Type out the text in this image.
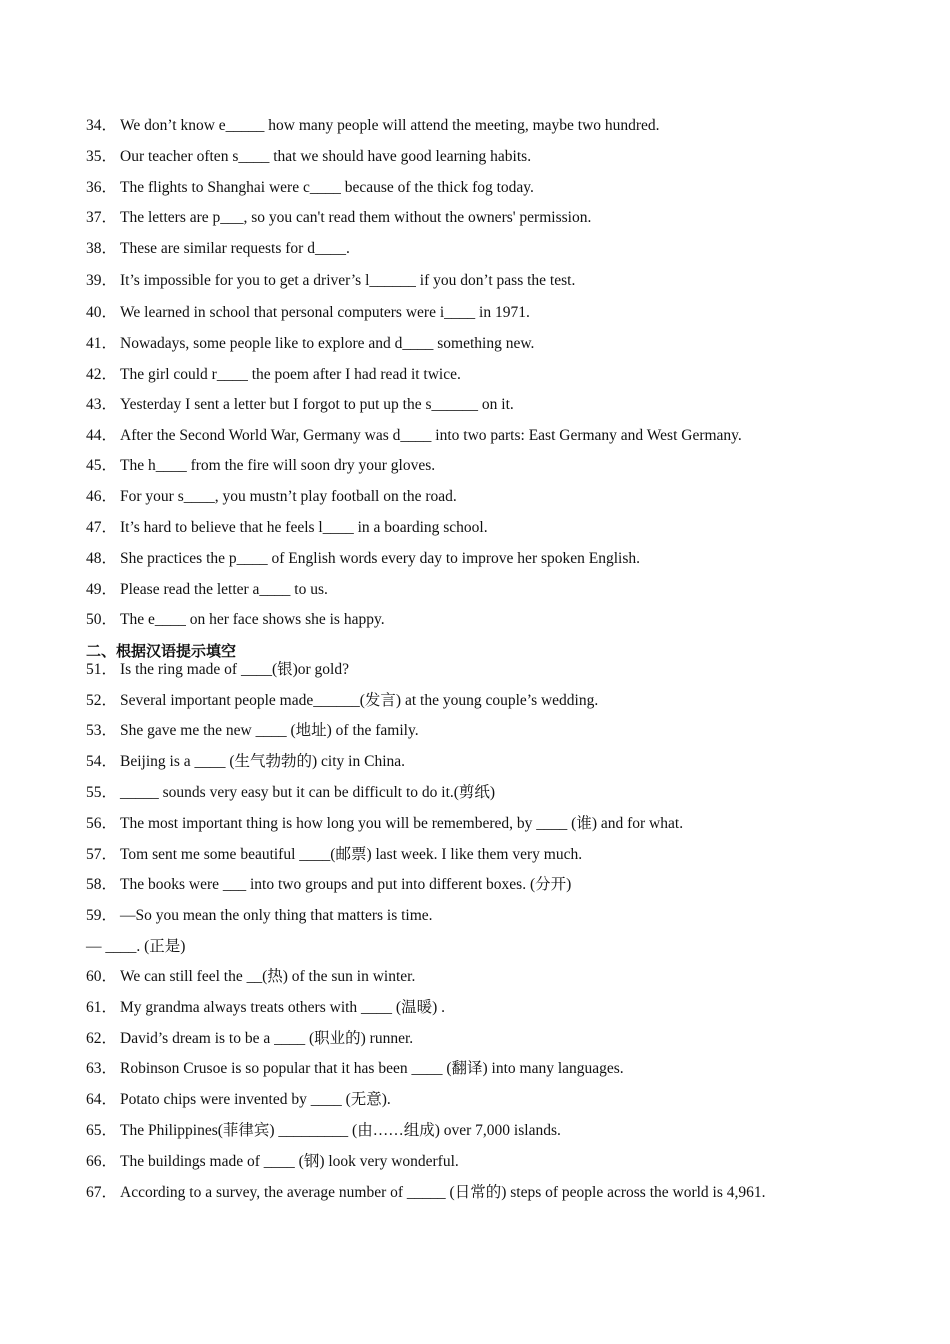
34． We don’t know e_____ how many people will attend the meeting, maybe two hundred.
35． Our teacher often s____ that we should have good learning habits.
36． The flights to Shanghai were c____ because of the thick fog today.
37． The letters are p___, so you can't read them without the owners' permission.
38． These are similar requests for d____.
39． It’s impossible for you to get a driver’s l______ if you don’t pass the test.
40． We learned in school that personal computers were i____ in 1971.
41． Nowadays, some people like to explore and d____ something new.
42． The girl could r____ the poem after I had read it twice.
43． Yesterday I sent a letter but I forgot to put up the s______ on it.
44． After the Second World War, Germany was d____ into two parts: East Germany and West Germany.
45． The h____ from the fire will soon dry your gloves.
46． For your s____, you mustn’t play football on the road.
47． It’s hard to believe that he feels l____ in a boarding school.
48． She practices the p____ of English words every day to improve her spoken English.
49． Please read the letter a____ to us.
50． The e____ on her face shows she is happy.
二、根据汉语提示填空
51． Is the ring made of ____(银)or gold?
52． Several important people made______(发言) at the young couple’s wedding.
53． She gave me the new ____ (地址) of the family.
54． Beijing is a ____ (生气勃勃的) city in China.
55． _____ sounds very easy but it can be difficult to do it.(剪纸)
56． The most important thing is how long you will be remembered, by ____ (谁) and for what.
57． Tom sent me some beautiful ____(邮票) last week. I like them very much.
58． The books were ___ into two groups and put into different boxes. (分开)
59． —So you mean the only thing that matters is time.
— ____. (正是)
60． We can still feel the __(热) of the sun in winter.
61． My grandma always treats others with ____ (温暖) .
62． David’s dream is to be a ____ (职业的) runner.
63． Robinson Crusoe is so popular that it has been ____ (翻译) into many languages.
64． Potato chips were invented by ____ (无意).
65． The Philippines(菲律宾) _________ (由……组成) over 7,000 islands.
66． The buildings made of ____ (钢) look very wonderful.
67． According to a survey, the average number of _____ (日常的) steps of people across the world is 4,961.
